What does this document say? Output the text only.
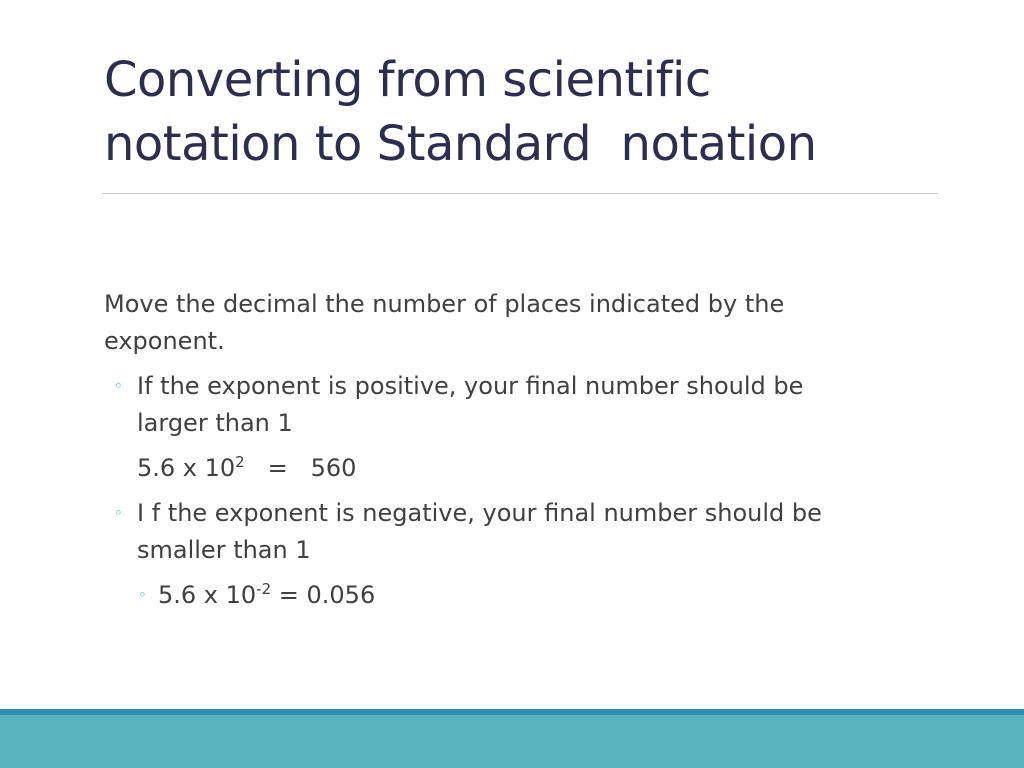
Converting from scientific
notation to Standard  notation

Move the decimal the number of places indicated by the
exponent.

◦ If the exponent is positive, your final number should be
larger than 1
5.6 x $10^2 = 560$
◦ I f the exponent is negative, your final number should be
smaller than 1
◦ 5.6 x $10^{-2} = 0.056$
